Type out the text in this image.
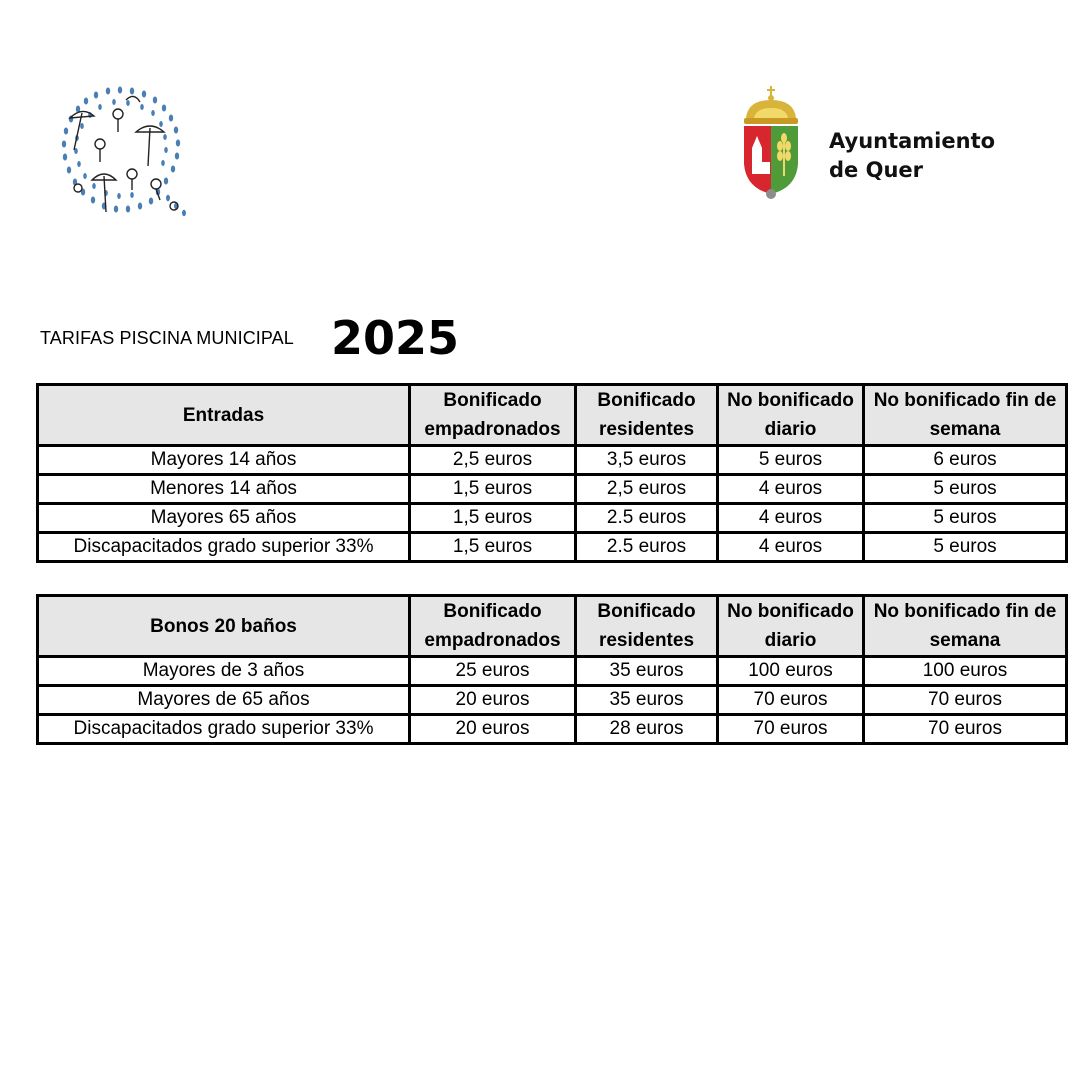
Ayuntamiento
de Quer
TARIFAS PISCINA MUNICIPAL 2025
Entradas	Bonificado empadronados	Bonificado residentes	No bonificado diario	No bonificado fin de semana
Mayores 14 años	2,5 euros	3,5 euros	5 euros	6 euros
Menores 14 años	1,5 euros	2,5 euros	4 euros	5 euros
Mayores 65 años	1,5 euros	2.5 euros	4 euros	5 euros
Discapacitados grado superior 33%	1,5 euros	2.5 euros	4 euros	5 euros
Bonos 20 baños	Bonificado empadronados	Bonificado residentes	No bonificado diario	No bonificado fin de semana
Mayores de 3 años	25 euros	35 euros	100 euros	100 euros
Mayores de 65 años	20 euros	35 euros	70 euros	70 euros
Discapacitados grado superior 33%	20 euros	28 euros	70 euros	70 euros
